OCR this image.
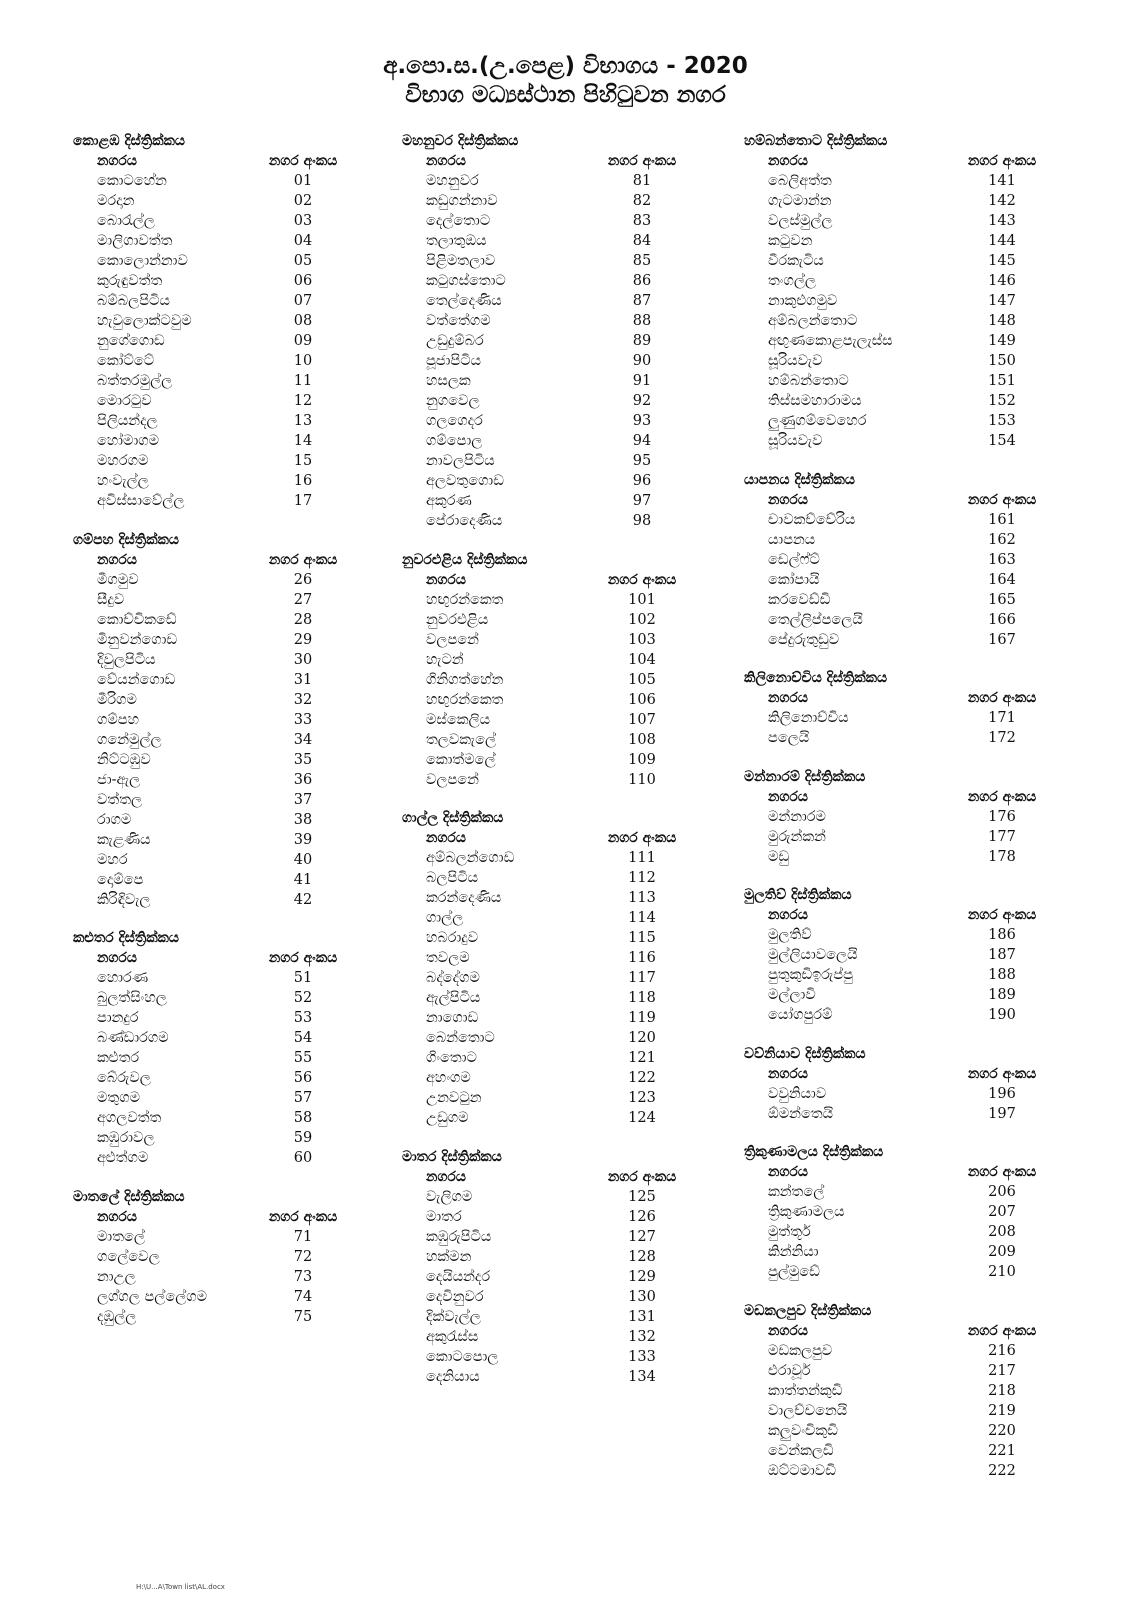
අ.පො.ස.(උ.පෙළ) විභාගය - 2020
විභාග මධ්‍යස්ථාන පිහිටුවන නගර
කොළඹ දිස්ත්‍රික්කය
නගරය	නගර අංකය
කොටහේන	01
මරදාන	02
බොරැල්ල	03
මාලිගාවත්ත	04
කොලොන්නාව	05
කුරුඳුවත්ත	06
බම්බලපිටිය	07
හැවුලොක්ටවුම	08
නුගේගොඩ	09
කෝට්ටේ	10
බත්තරමුල්ල	11
මොරටුව	12
පිලියන්දල	13
හෝමාගම	14
මහරගම	15
හංවැල්ල	16
අවිස්සාවේල්ල	17
ගම්පහ දිස්ත්‍රික්කය
නගරය	නගර අංකය
මීගමුව	26
සීදුව	27
කොච්චිකඩේ	28
මිනුවන්ගොඩ	29
දිවුලපිටිය	30
වේයන්ගොඩ	31
මීරිගම	32
ගම්පහ	33
ගනේමුල්ල	34
නිට්ටඹුව	35
ජා-ඇල	36
වත්තල	37
රාගම	38
කැළණිය	39
මහර	40
දොම්පෙ	41
කිරිඳිවැල	42
කළුතර දිස්ත්‍රික්කය
නගරය	නගර අංකය
හොරණ	51
බුලත්සිංහල	52
පානදුර	53
බණ්ඩාරගම	54
කළුතර	55
බේරුවල	56
මතුගම	57
අගලවත්ත	58
කඹුරාවල	59
අළුත්ගම	60
මාතලේ දිස්ත්‍රික්කය
නගරය	නගර අංකය
මාතලේ	71
ගලේවෙල	72
නාඋල	73
ලග්ගල පල්ලේගම	74
දඹුල්ල	75
මහනුවර දිස්ත්‍රික්කය
නගරය	නගර අංකය
මහනුවර	81
කඩුගන්නාව	82
දෙල්තොට	83
තලාතුඔය	84
පිළිමතලාව	85
කටුගස්තොට	86
තෙල්දෙණිය	87
වත්තේගම	88
උඩුදුම්බර	89
පූජාපිටිය	90
හසලක	91
නුගවෙල	92
ගලගෙදර	93
ගම්පොල	94
නාවලපිටිය	95
අලවතුගොඩ	96
අකුරණ	97
පේරාදෙණිය	98
නුවරඑළිය දිස්ත්‍රික්කය
නගරය	නගර අංකය
හඟුරන්කෙත	101
නුවරඑළිය	102
වලපනේ	103
හැටන්	104
ගිනිගත්හේන	105
හඟුරන්කෙත	106
මස්කෙලිය	107
තලවකැලේ	108
කොත්මලේ	109
වලපනේ	110
ගාල්ල දිස්ත්‍රික්කය
නගරය	නගර අංකය
අම්බලන්ගොඩ	111
බලපිටිය	112
කරන්දෙණිය	113
ගාල්ල	114
හබරාදුව	115
තවලම	116
බද්දේගම	117
ඇල්පිටිය	118
නාගොඩ	119
බෙන්තොට	120
ගිංතොට	121
අහංගම	122
උනවටුන	123
උඩුගම	124
මාතර දිස්ත්‍රික්කය
නගරය	නගර අංකය
වැලිගම	125
මාතර	126
කඹුරුපිටිය	127
හක්මන	128
දෙයියන්දර	129
දෙවිනුවර	130
දික්වැල්ල	131
අකුරැස්ස	132
කොටපොල	133
දෙනියාය	134
හම්බන්තොට දිස්ත්‍රික්කය
නගරය	නගර අංකය
බෙලිඅත්ත	141
ගැටමාන්න	142
වලස්මුල්ල	143
කටුවන	144
වීරකැටිය	145
තංගල්ල	146
නාකුළුගමුව	147
අම්බලන්තොට	148
අඟුණකොළපැලැස්ස	149
සූරියවැව	150
හම්බන්තොට	151
තිස්සමහාරාමය	152
ලුණුගම්වෙහෙර	153
සූරියවැව	154
යාපනය දිස්ත්‍රික්කය
නගරය	නගර අංකය
චාවකච්චේරිය	161
යාපනය	162
ඩෙල්ෆ්ට්	163
කෝපායි	164
කරවෙඩ්ඩි	165
තෙල්ලිප්පලෙයි	166
පේදුරුතුඩුව	167
කිලිනොච්චිය දිස්ත්‍රික්කය
නගරය	නගර අංකය
කිලිනොච්චිය	171
පලෙයි	172
මන්නාරම් දිස්ත්‍රික්කය
නගරය	නගර අංකය
මන්නාරම	176
මුරුන්කන්	177
මඩු	178
මුලතිව් දිස්ත්‍රික්කය
නගරය	නගර අංකය
මුලතිව්	186
මුල්ලියාවලෙයි	187
පුතුකුඩිඉරුප්පු	188
මල්ලාවි	189
යෝගපුරම්	190
වව්නියාව දිස්ත්‍රික්කය
නගරය	නගර අංකය
වවුනියාව	196
ඕමන්තෙයි	197
ත්‍රිකුණාමලය දිස්ත්‍රික්කය
නගරය	නගර අංකය
කන්තලේ	206
ත්‍රිකුණාමලය	207
මුත්තූර්	208
කින්නියා	209
පුල්මුඩේ	210
මඩකලපුව දිස්ත්‍රික්කය
නගරය	නගර අංකය
මඩකලපුව	216
එරාවූර්	217
කාත්තන්කුඩි	218
වාලච්චනෙයි	219
කලුවංචිකුඩි	220
වෙන්කලඩි	221
ඔට්ටමාවඩි	222
H:\U...A\Town list\AL.docx
